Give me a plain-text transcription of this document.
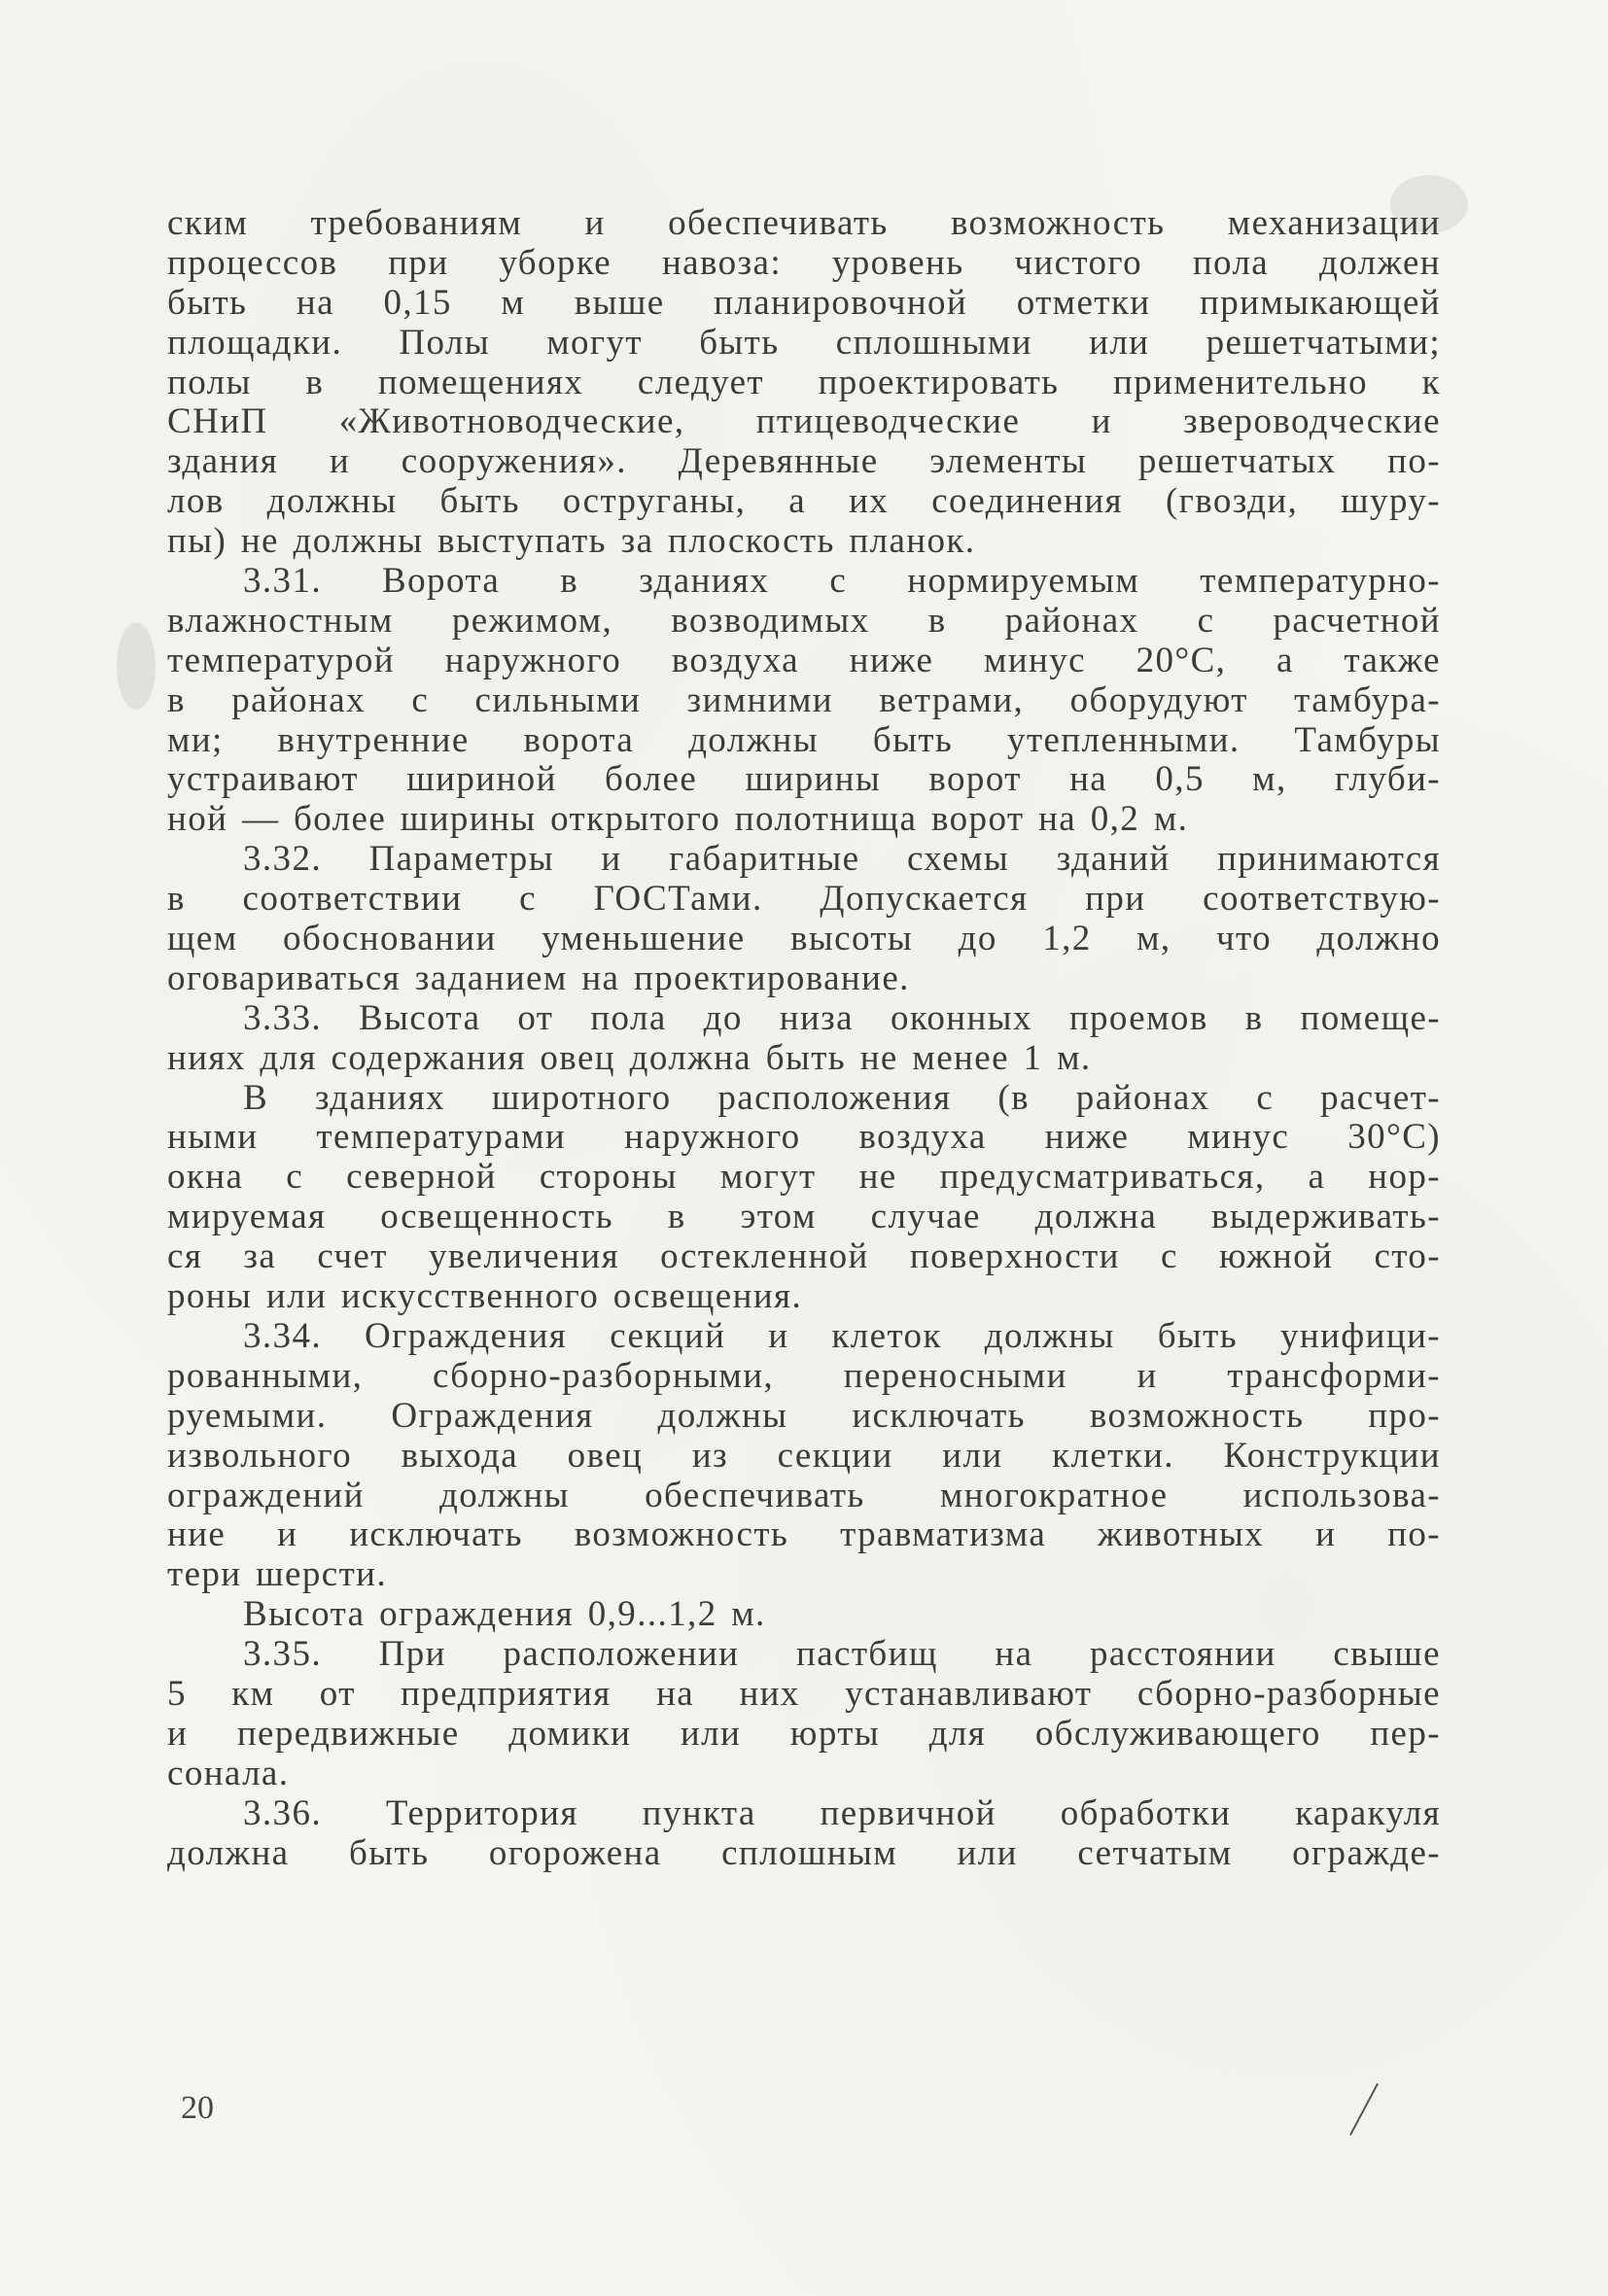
ским требованиям и обеспечивать возможность механизации
процессов при уборке навоза: уровень чистого пола должен
быть на 0,15 м выше планировочной отметки примыкающей
площадки. Полы могут быть сплошными или решетчатыми;
полы в помещениях следует проектировать применительно к
СНиП «Животноводческие, птицеводческие и звероводческие
здания и сооружения». Деревянные элементы решетчатых по-
лов должны быть оструганы, а их соединения (гвозди, шуру-
пы) не должны выступать за плоскость планок.
3.31. Ворота в зданиях с нормируемым температурно-
влажностным режимом, возводимых в районах с расчетной
температурой наружного воздуха ниже минус 20°С, а также
в районах с сильными зимними ветрами, оборудуют тамбура-
ми; внутренние ворота должны быть утепленными. Тамбуры
устраивают шириной более ширины ворот на 0,5 м, глуби-
ной — более ширины открытого полотнища ворот на 0,2 м.
3.32. Параметры и габаритные схемы зданий принимаются
в соответствии с ГОСТами. Допускается при соответствую-
щем обосновании уменьшение высоты до 1,2 м, что должно
оговариваться заданием на проектирование.
3.33. Высота от пола до низа оконных проемов в помеще-
ниях для содержания овец должна быть не менее 1 м.
В зданиях широтного расположения (в районах с расчет-
ными температурами наружного воздуха ниже минус 30°С)
окна с северной стороны могут не предусматриваться, а нор-
мируемая освещенность в этом случае должна выдерживать-
ся за счет увеличения остекленной поверхности с южной сто-
роны или искусственного освещения.
3.34. Ограждения секций и клеток должны быть унифици-
рованными, сборно-разборными, переносными и трансформи-
руемыми. Ограждения должны исключать возможность про-
извольного выхода овец из секции или клетки. Конструкции
ограждений должны обеспечивать многократное использова-
ние и исключать возможность травматизма животных и по-
тери шерсти.
Высота ограждения 0,9...1,2 м.
3.35. При расположении пастбищ на расстоянии свыше
5 км от предприятия на них устанавливают сборно-разборные
и передвижные домики или юрты для обслуживающего пер-
сонала.
3.36. Территория пункта первичной обработки каракуля
должна быть огорожена сплошным или сетчатым огражде-
20
